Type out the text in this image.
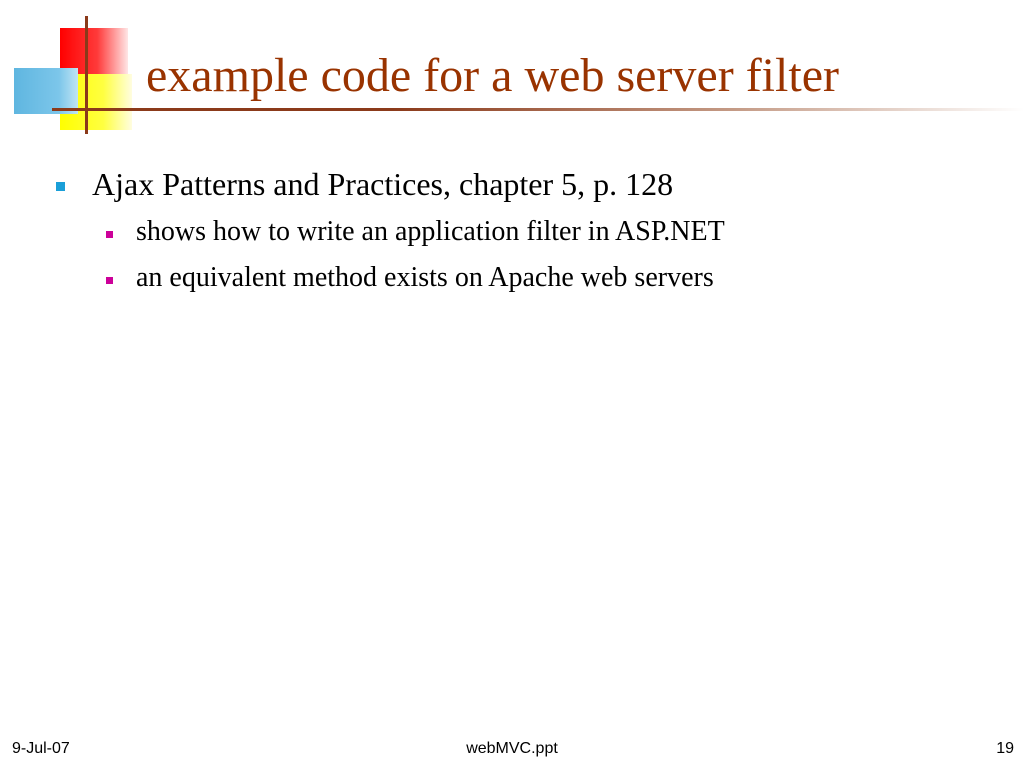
example code for a web server filter
Ajax Patterns and Practices, chapter 5, p. 128
shows how to write an application filter in ASP.NET
an equivalent method exists on Apache web servers
9-Jul-07	webMVC.ppt	19
